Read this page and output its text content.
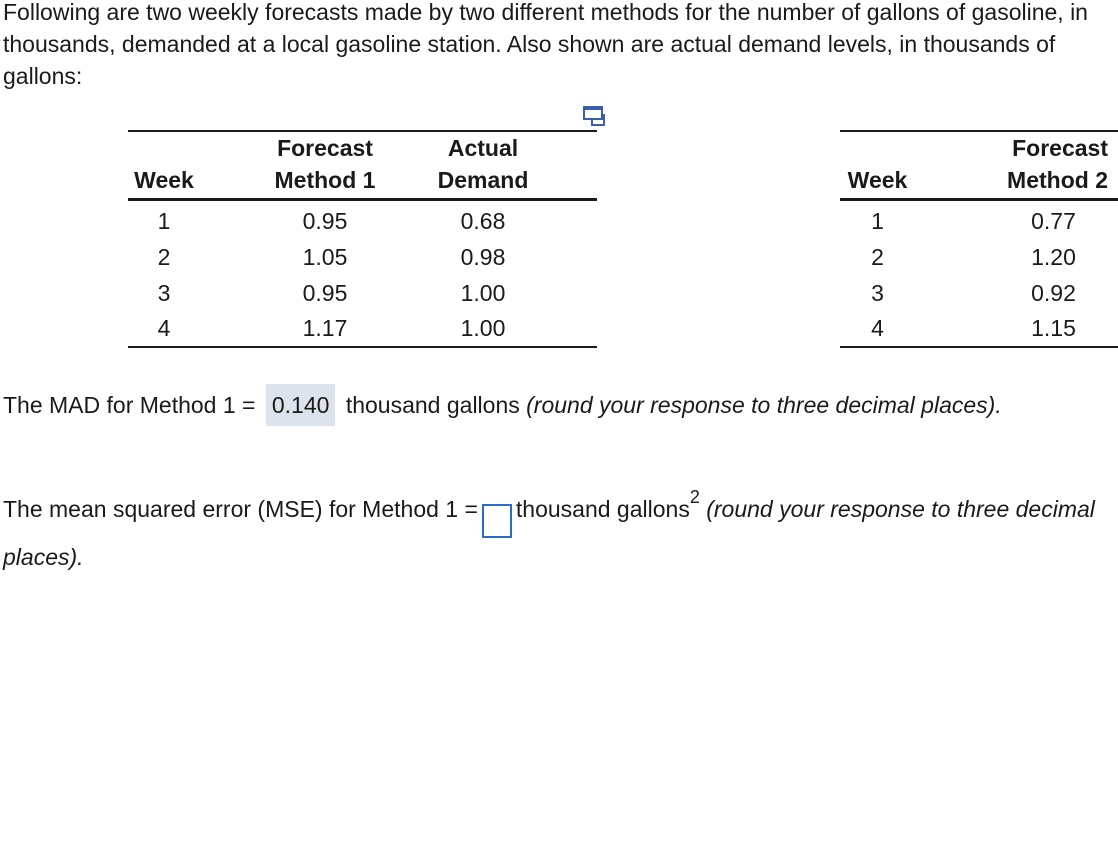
Following are two weekly forecasts made by two different methods for the number of gallons of gasoline, in thousands, demanded at a local gasoline station. Also shown are actual demand levels, in thousands of gallons:

	Forecast	Actual
Week	Method 1	Demand
1	0.95	0.68
2	1.05	0.98
3	0.95	1.00
4	1.17	1.00
	Forecast
Week	Method 2
1	0.77
2	1.20
3	0.92
4	1.15

The MAD for Method 1 = 0.140 thousand gallons (round your response to three decimal places).

The mean squared error (MSE) for Method 1 = thousand gallons$^2$ (round your response to three decimal places).
